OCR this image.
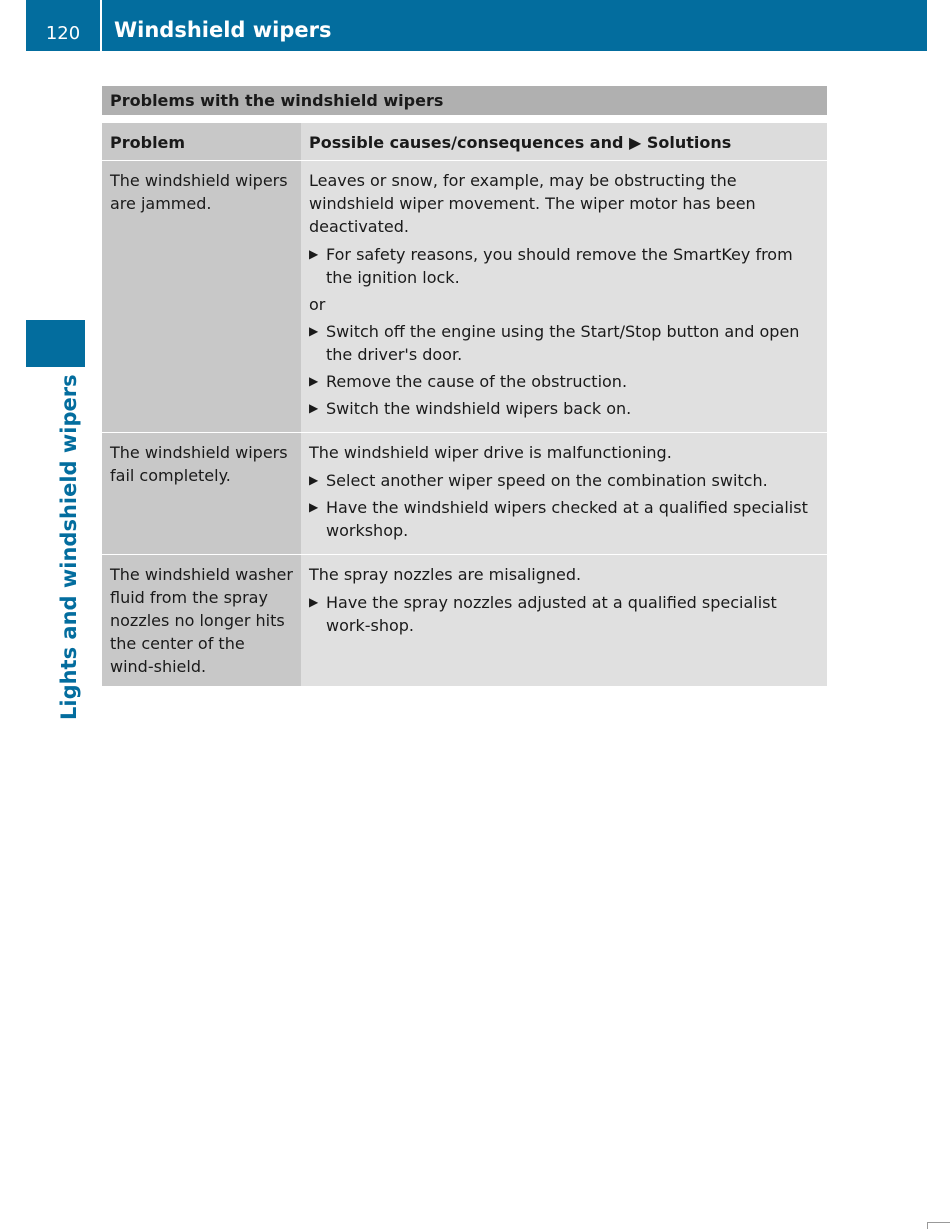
120	Windshield wipers
Lights and windshield wipers
Problems with the windshield wipers
Problem	Possible causes/consequences and ▶ Solutions
The windshield wipers are jammed.

Leaves or snow, for example, may be obstructing the windshield wiper movement. The wiper motor has been deactivated.

▶ For safety reasons, you should remove the SmartKey from the ignition lock.

or

▶ Switch off the engine using the Start/Stop button and open the driver's door.

▶ Remove the cause of the obstruction.

▶ Switch the windshield wipers back on.

The windshield wipers fail completely.

The windshield wiper drive is malfunctioning.

▶ Select another wiper speed on the combination switch.

▶ Have the windshield wipers checked at a qualified specialist workshop.

The windshield washer fluid from the spray nozzles no longer hits the center of the wind-shield.

The spray nozzles are misaligned.

▶ Have the spray nozzles adjusted at a qualified specialist work-shop.
